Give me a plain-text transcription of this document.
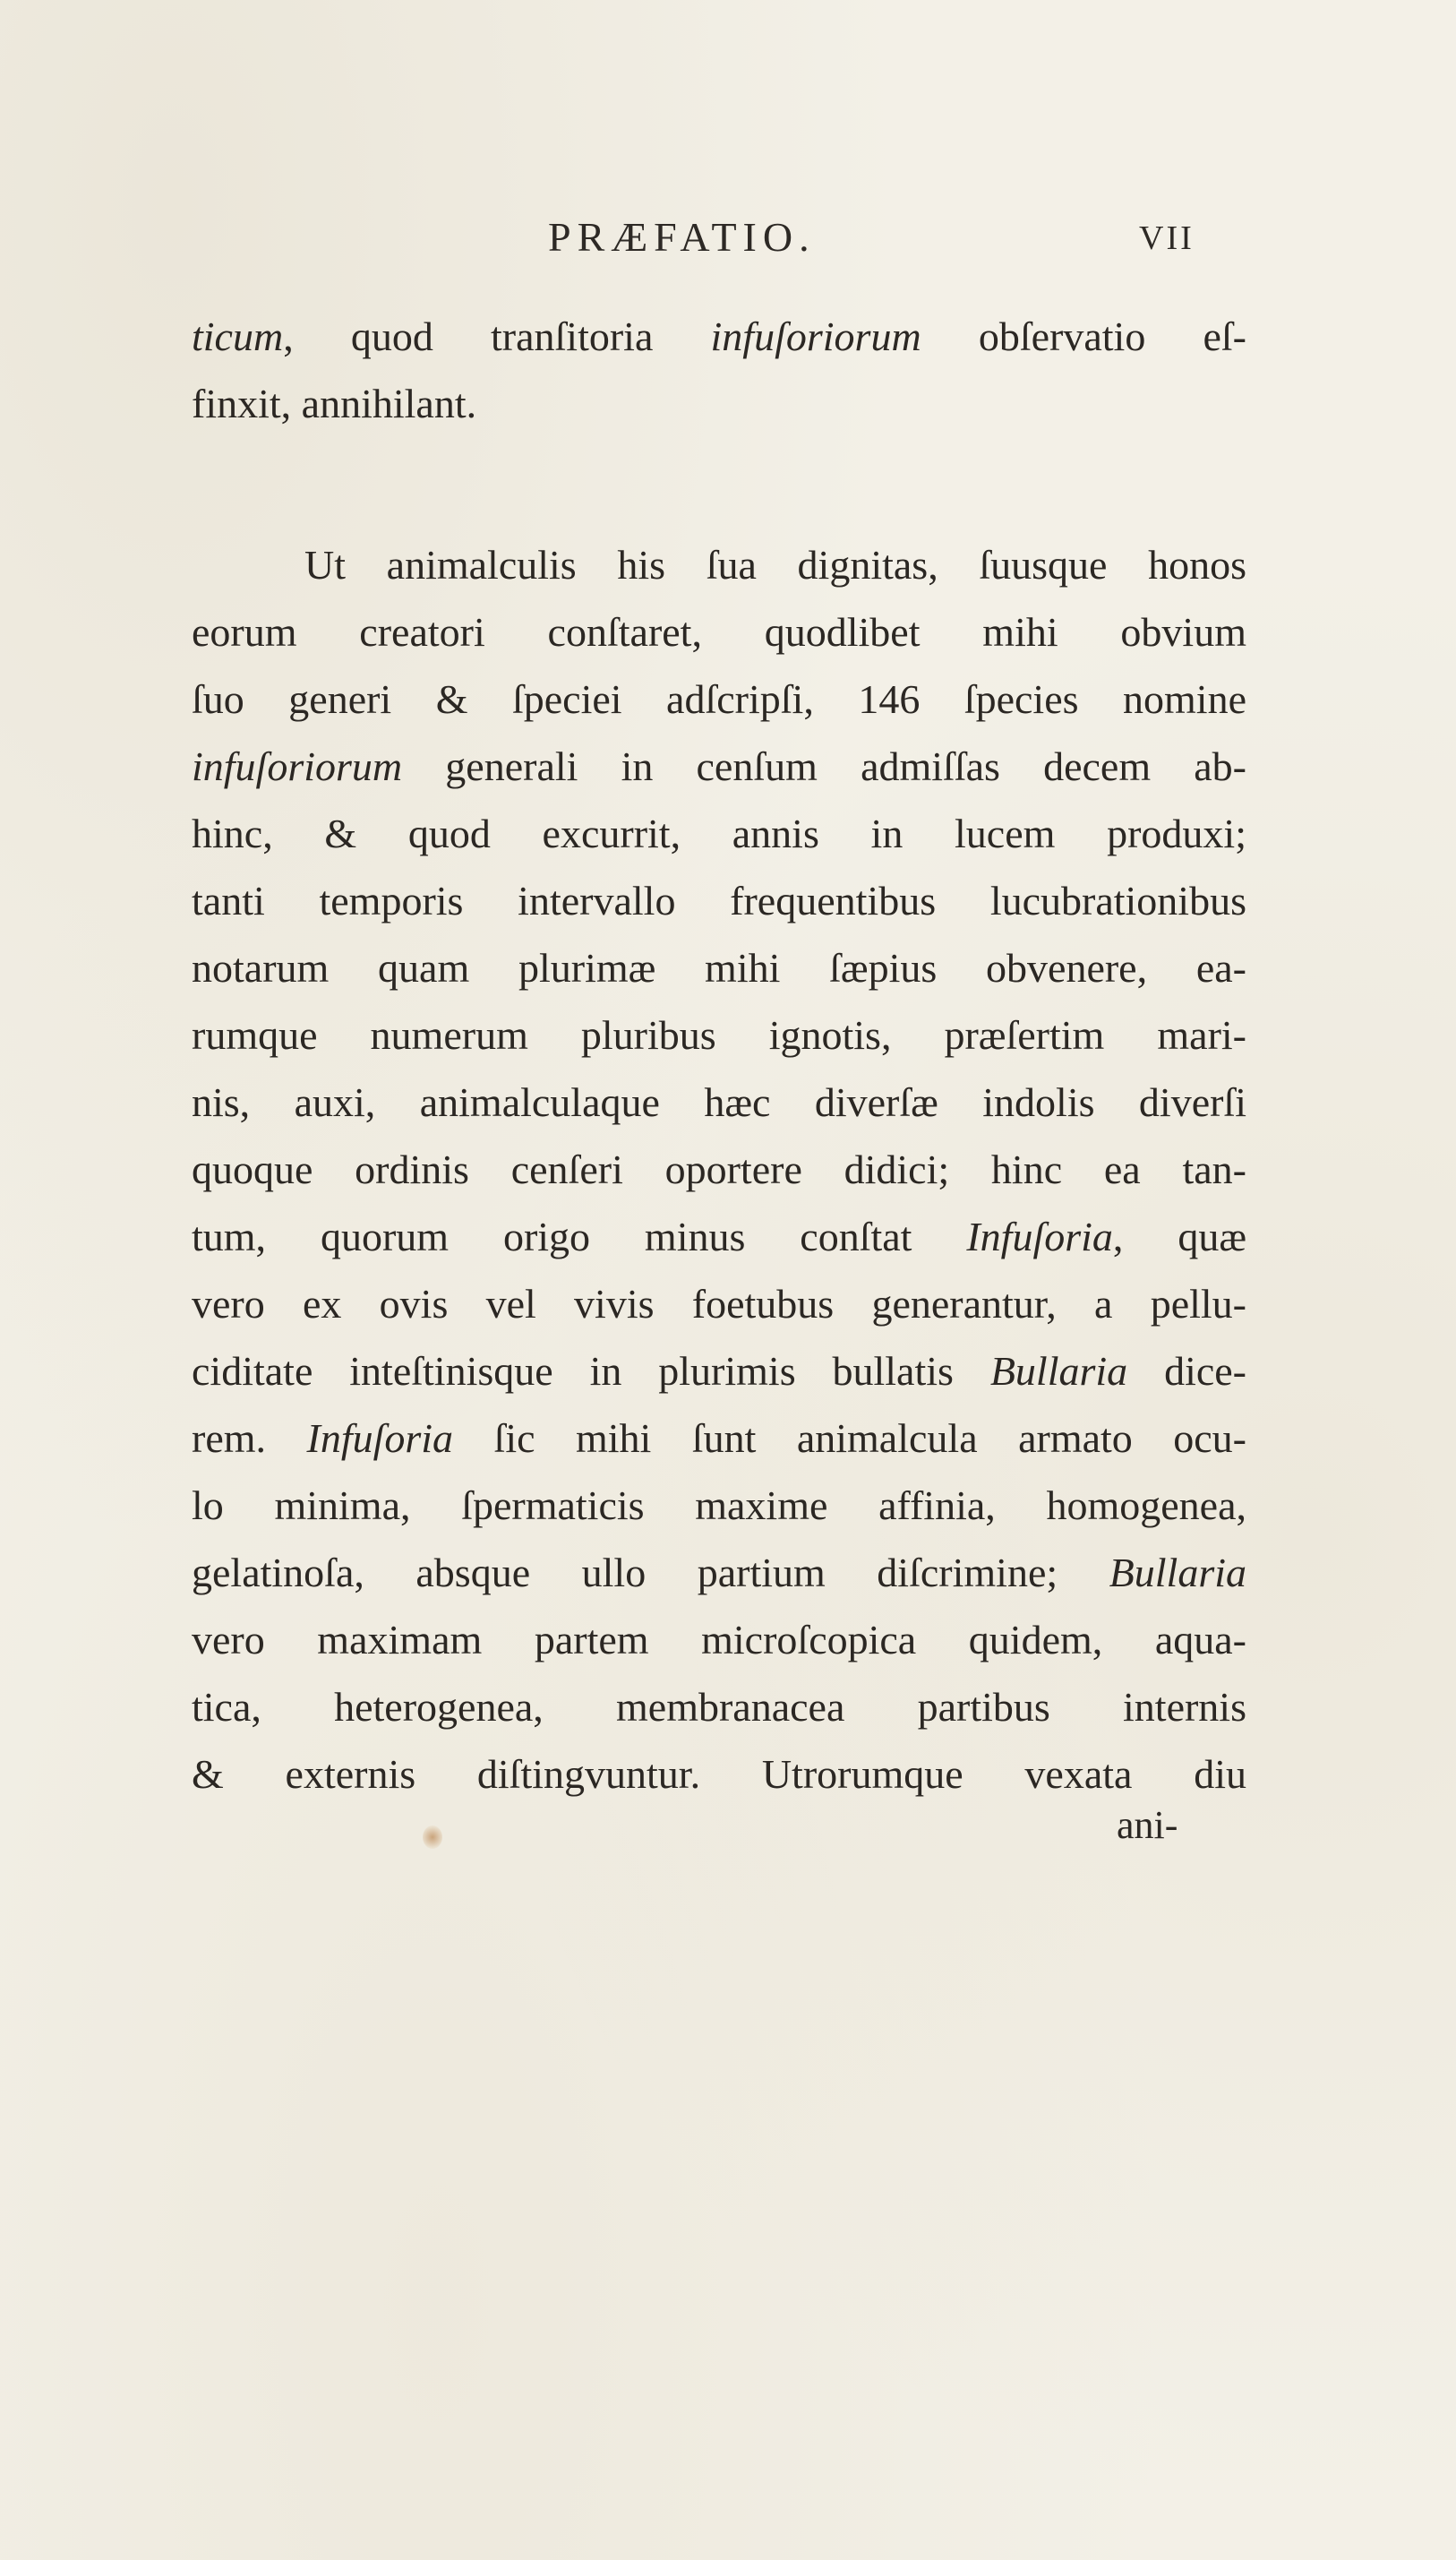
PRÆFATIO.	VII
ticum, quod tranſitoria infuſoriorum obſervatio eſ-
finxit, annihilant.
Ut animalculis his ſua dignitas, ſuusque honos
eorum creatori conſtaret, quodlibet mihi obvium
ſuo generi & ſpeciei adſcripſi, 146 ſpecies nomine
infuſoriorum generali in cenſum admiſſas decem ab-
hinc, & quod excurrit, annis in lucem produxi;
tanti temporis intervallo frequentibus lucubrationibus
notarum quam plurimæ mihi ſæpius obvenere, ea-
rumque numerum pluribus ignotis, præſertim mari-
nis, auxi, animalculaque hæc diverſæ indolis diverſi
quoque ordinis cenſeri oportere didici; hinc ea tan-
tum, quorum origo minus conſtat Infuſoria, quæ
vero ex ovis vel vivis foetubus generantur, a pellu-
ciditate inteſtinisque in plurimis bullatis Bullaria dice-
rem. Infuſoria ſic mihi ſunt animalcula armato ocu-
lo minima, ſpermaticis maxime affinia, homogenea,
gelatinoſa, absque ullo partium diſcrimine; Bullaria
vero maximam partem microſcopica quidem, aqua-
tica, heterogenea, membranacea partibus internis
& externis diſtingvuntur. Utrorumque vexata diu
ani-
